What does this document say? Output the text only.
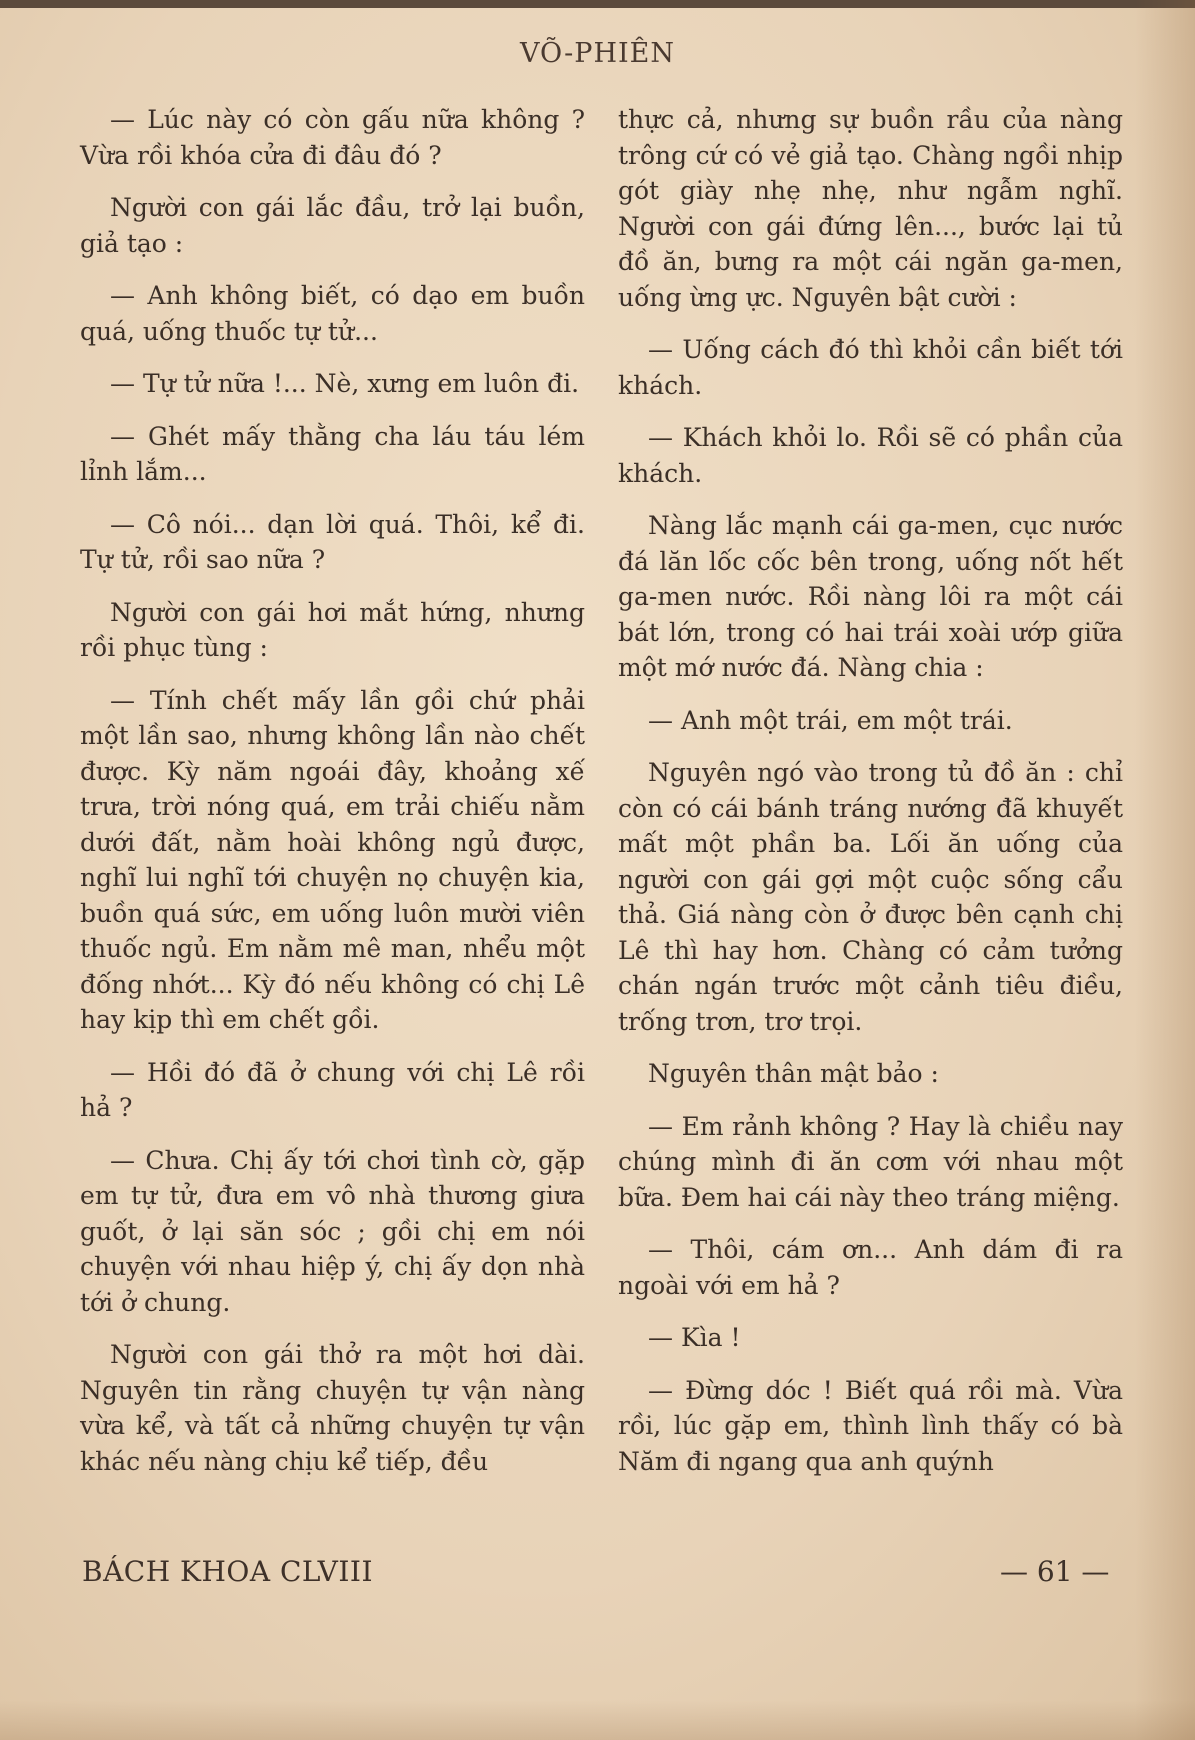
VÕ-PHIÊN

— Lúc này có còn gấu nữa không ? Vừa rồi khóa cửa đi đâu đó ?

Người con gái lắc đầu, trở lại buồn, giả tạo :

— Anh không biết, có dạo em buồn quá, uống thuốc tự tử...

— Tự tử nữa !... Nè, xưng em luôn đi.

— Ghét mấy thằng cha láu táu lém lỉnh lắm...

— Cô nói... dạn lời quá. Thôi, kể đi. Tự tử, rồi sao nữa ?

Người con gái hơi mắt hứng, nhưng rồi phục tùng :

— Tính chết mấy lần gồi chứ phải một lần sao, nhưng không lần nào chết được. Kỳ năm ngoái đây, khoảng xế trưa, trời nóng quá, em trải chiếu nằm dưới đất, nằm hoài không ngủ được, nghĩ lui nghĩ tới chuyện nọ chuyện kia, buồn quá sức, em uống luôn mười viên thuốc ngủ. Em nằm mê man, nhểu một đống nhớt... Kỳ đó nếu không có chị Lê hay kịp thì em chết gồi.

— Hồi đó đã ở chung với chị Lê rồi hả ?

— Chưa. Chị ấy tới chơi tình cờ, gặp em tự tử, đưa em vô nhà thương giưa guốt, ở lại săn sóc ; gồi chị em nói chuyện với nhau hiệp ý, chị ấy dọn nhà tới ở chung.

Người con gái thở ra một hơi dài. Nguyên tin rằng chuyện tự vận nàng vừa kể, và tất cả những chuyện tự vận khác nếu nàng chịu kể tiếp, đều

thực cả, nhưng sự buồn rầu của nàng trông cứ có vẻ giả tạo. Chàng ngồi nhịp gót giày nhẹ nhẹ, như ngẫm nghĩ. Người con gái đứng lên..., bước lại tủ đồ ăn, bưng ra một cái ngăn ga-men, uống ừng ực. Nguyên bật cười :

— Uống cách đó thì khỏi cần biết tới khách.

— Khách khỏi lo. Rồi sẽ có phần của khách.

Nàng lắc mạnh cái ga-men, cục nước đá lăn lốc cốc bên trong, uống nốt hết ga-men nước. Rồi nàng lôi ra một cái bát lớn, trong có hai trái xoài ướp giữa một mớ nước đá. Nàng chia :

— Anh một trái, em một trái.

Nguyên ngó vào trong tủ đồ ăn : chỉ còn có cái bánh tráng nướng đã khuyết mất một phần ba. Lối ăn uống của người con gái gợi một cuộc sống cẩu thả. Giá nàng còn ở được bên cạnh chị Lê thì hay hơn. Chàng có cảm tưởng chán ngán trước một cảnh tiêu điều, trống trơn, trơ trọi.

Nguyên thân mật bảo :

— Em rảnh không ? Hay là chiều nay chúng mình đi ăn cơm với nhau một bữa. Đem hai cái này theo tráng miệng.

— Thôi, cám ơn... Anh dám đi ra ngoài với em hả ?

— Kìa !

— Đừng dóc ! Biết quá rồi mà. Vừa rồi, lúc gặp em, thình lình thấy có bà Năm đi ngang qua anh quýnh

BÁCH KHOA CLVIII	— 61 —
